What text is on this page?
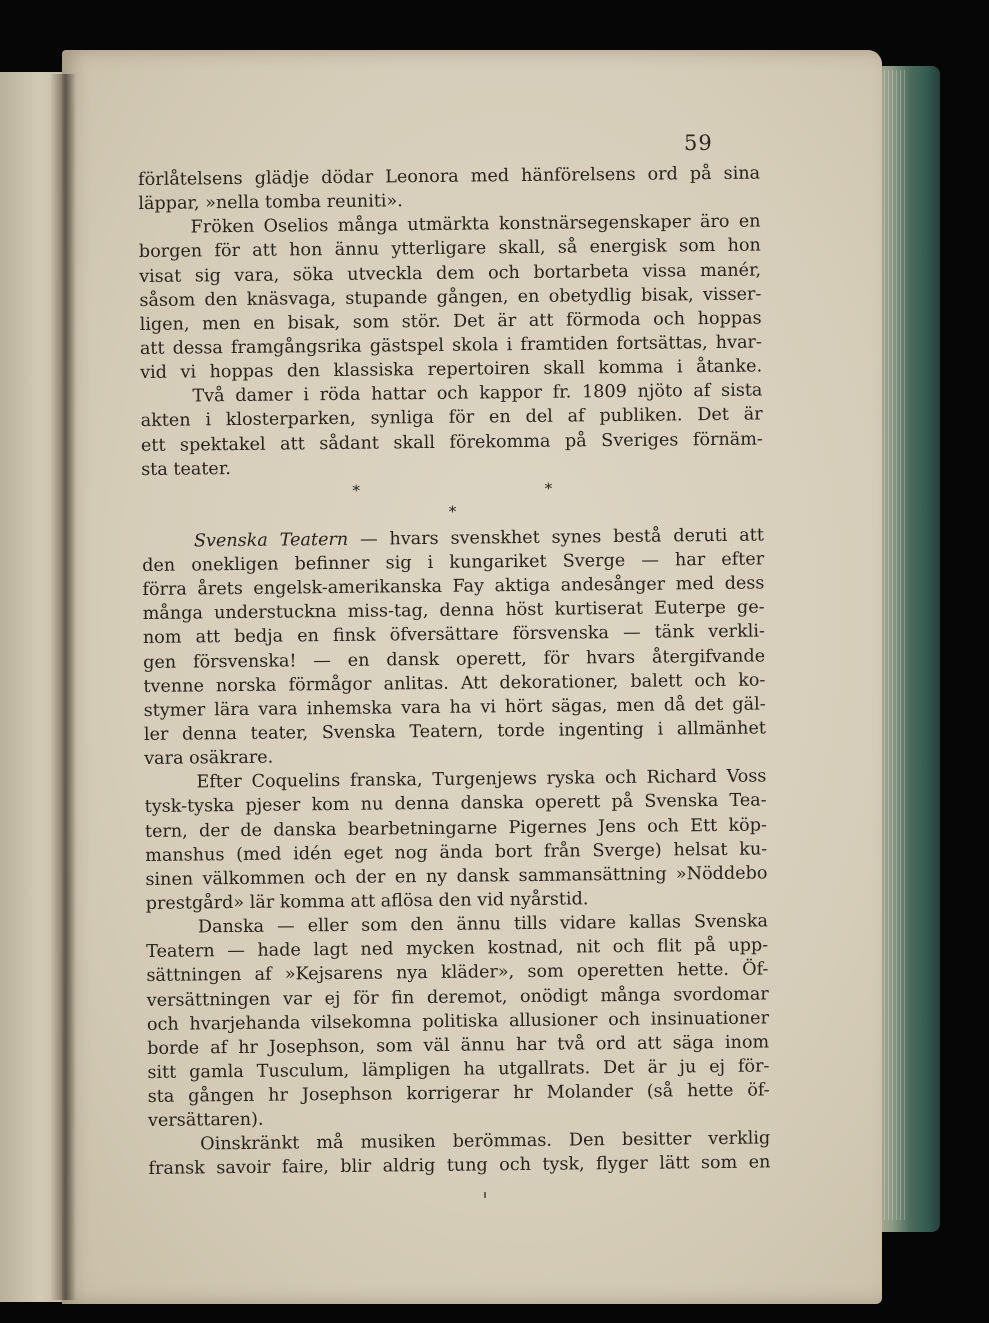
59
förlåtelsens glädje dödar Leonora med hänförelsens ord på sina
läppar, »nella tomba reuniti».
Fröken Oselios många utmärkta konstnärsegenskaper äro en
borgen för att hon ännu ytterligare skall, så energisk som hon
visat sig vara, söka utveckla dem och bortarbeta vissa manér,
såsom den knäsvaga, stupande gången, en obetydlig bisak, visser-
ligen, men en bisak, som stör. Det är att förmoda och hoppas
att dessa framgångsrika gästspel skola i framtiden fortsättas, hvar-
vid vi hoppas den klassiska repertoiren skall komma i åtanke.
Två damer i röda hattar och kappor fr. 1809 njöto af sista
akten i klosterparken, synliga för en del af publiken. Det är
ett spektakel att sådant skall förekomma på Sveriges förnäm-
sta teater.
* *
*
Svenska Teatern — hvars svenskhet synes bestå deruti att
den onekligen befinner sig i kungariket Sverge — har efter
förra årets engelsk-amerikanska Fay aktiga andesånger med dess
många understuckna miss-tag, denna höst kurtiserat Euterpe ge-
nom att bedja en finsk öfversättare försvenska — tänk verkli-
gen försvenska! — en dansk operett, för hvars återgifvande
tvenne norska förmågor anlitas. Att dekorationer, balett och ko-
stymer lära vara inhemska vara ha vi hört sägas, men då det gäl-
ler denna teater, Svenska Teatern, torde ingenting i allmänhet
vara osäkrare.
Efter Coquelins franska, Turgenjews ryska och Richard Voss
tysk-tyska pjeser kom nu denna danska operett på Svenska Tea-
tern, der de danska bearbetningarne Pigernes Jens och Ett köp-
manshus (med idén eget nog ända bort från Sverge) helsat ku-
sinen välkommen och der en ny dansk sammansättning »Nöddebo
prestgård» lär komma att aflösa den vid nyårstid.
Danska — eller som den ännu tills vidare kallas Svenska
Teatern — hade lagt ned mycken kostnad, nit och flit på upp-
sättningen af »Kejsarens nya kläder», som operetten hette. Öf-
versättningen var ej för fin deremot, onödigt många svordomar
och hvarjehanda vilsekomna politiska allusioner och insinuationer
borde af hr Josephson, som väl ännu har två ord att säga inom
sitt gamla Tusculum, lämpligen ha utgallrats. Det är ju ej för-
sta gången hr Josephson korrigerar hr Molander (så hette öf-
versättaren).
Oinskränkt må musiken berömmas. Den besitter verklig
fransk savoir faire, blir aldrig tung och tysk, flyger lätt som en
